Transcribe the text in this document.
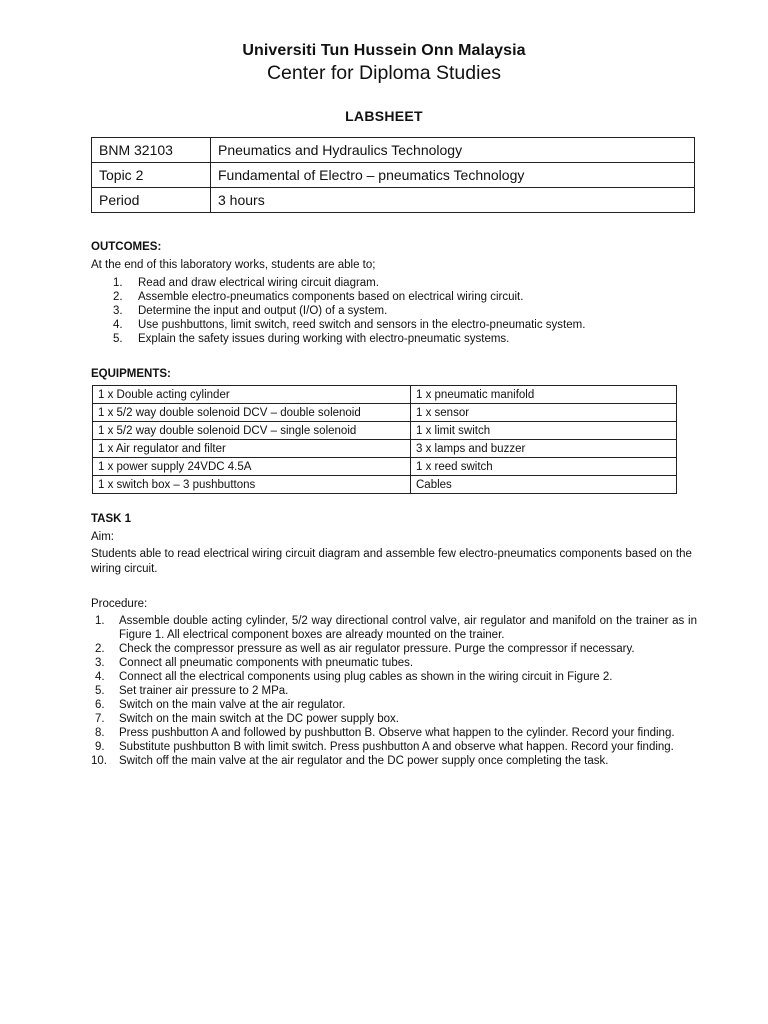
Universiti Tun Hussein Onn Malaysia
Center for Diploma Studies
LABSHEET
BNM 32103	Pneumatics and Hydraulics Technology
Topic 2	Fundamental of Electro – pneumatics Technology
Period	3 hours
OUTCOMES:
At the end of this laboratory works, students are able to;
1. Read and draw electrical wiring circuit diagram.
2. Assemble electro-pneumatics components based on electrical wiring circuit.
3. Determine the input and output (I/O) of a system.
4. Use pushbuttons, limit switch, reed switch and sensors in the electro-pneumatic system.
5. Explain the safety issues during working with electro-pneumatic systems.
EQUIPMENTS:
1 x Double acting cylinder	1 x pneumatic manifold
1 x 5/2 way double solenoid DCV – double solenoid	1 x sensor
1 x 5/2 way double solenoid DCV – single solenoid	1 x limit switch
1 x Air regulator and filter	3 x lamps and buzzer
1 x power supply 24VDC 4.5A	1 x reed switch
1 x switch box – 3 pushbuttons	Cables
TASK 1
Aim:
Students able to read electrical wiring circuit diagram and assemble few electro-pneumatics components based on the wiring circuit.
Procedure:
1. Assemble double acting cylinder, 5/2 way directional control valve, air regulator and manifold on the trainer as in Figure 1. All electrical component boxes are already mounted on the trainer.
2. Check the compressor pressure as well as air regulator pressure. Purge the compressor if necessary.
3. Connect all pneumatic components with pneumatic tubes.
4. Connect all the electrical components using plug cables as shown in the wiring circuit in Figure 2.
5. Set trainer air pressure to 2 MPa.
6. Switch on the main valve at the air regulator.
7. Switch on the main switch at the DC power supply box.
8. Press pushbutton A and followed by pushbutton B. Observe what happen to the cylinder. Record your finding.
9. Substitute pushbutton B with limit switch. Press pushbutton A and observe what happen. Record your finding.
10. Switch off the main valve at the air regulator and the DC power supply once completing the task.
